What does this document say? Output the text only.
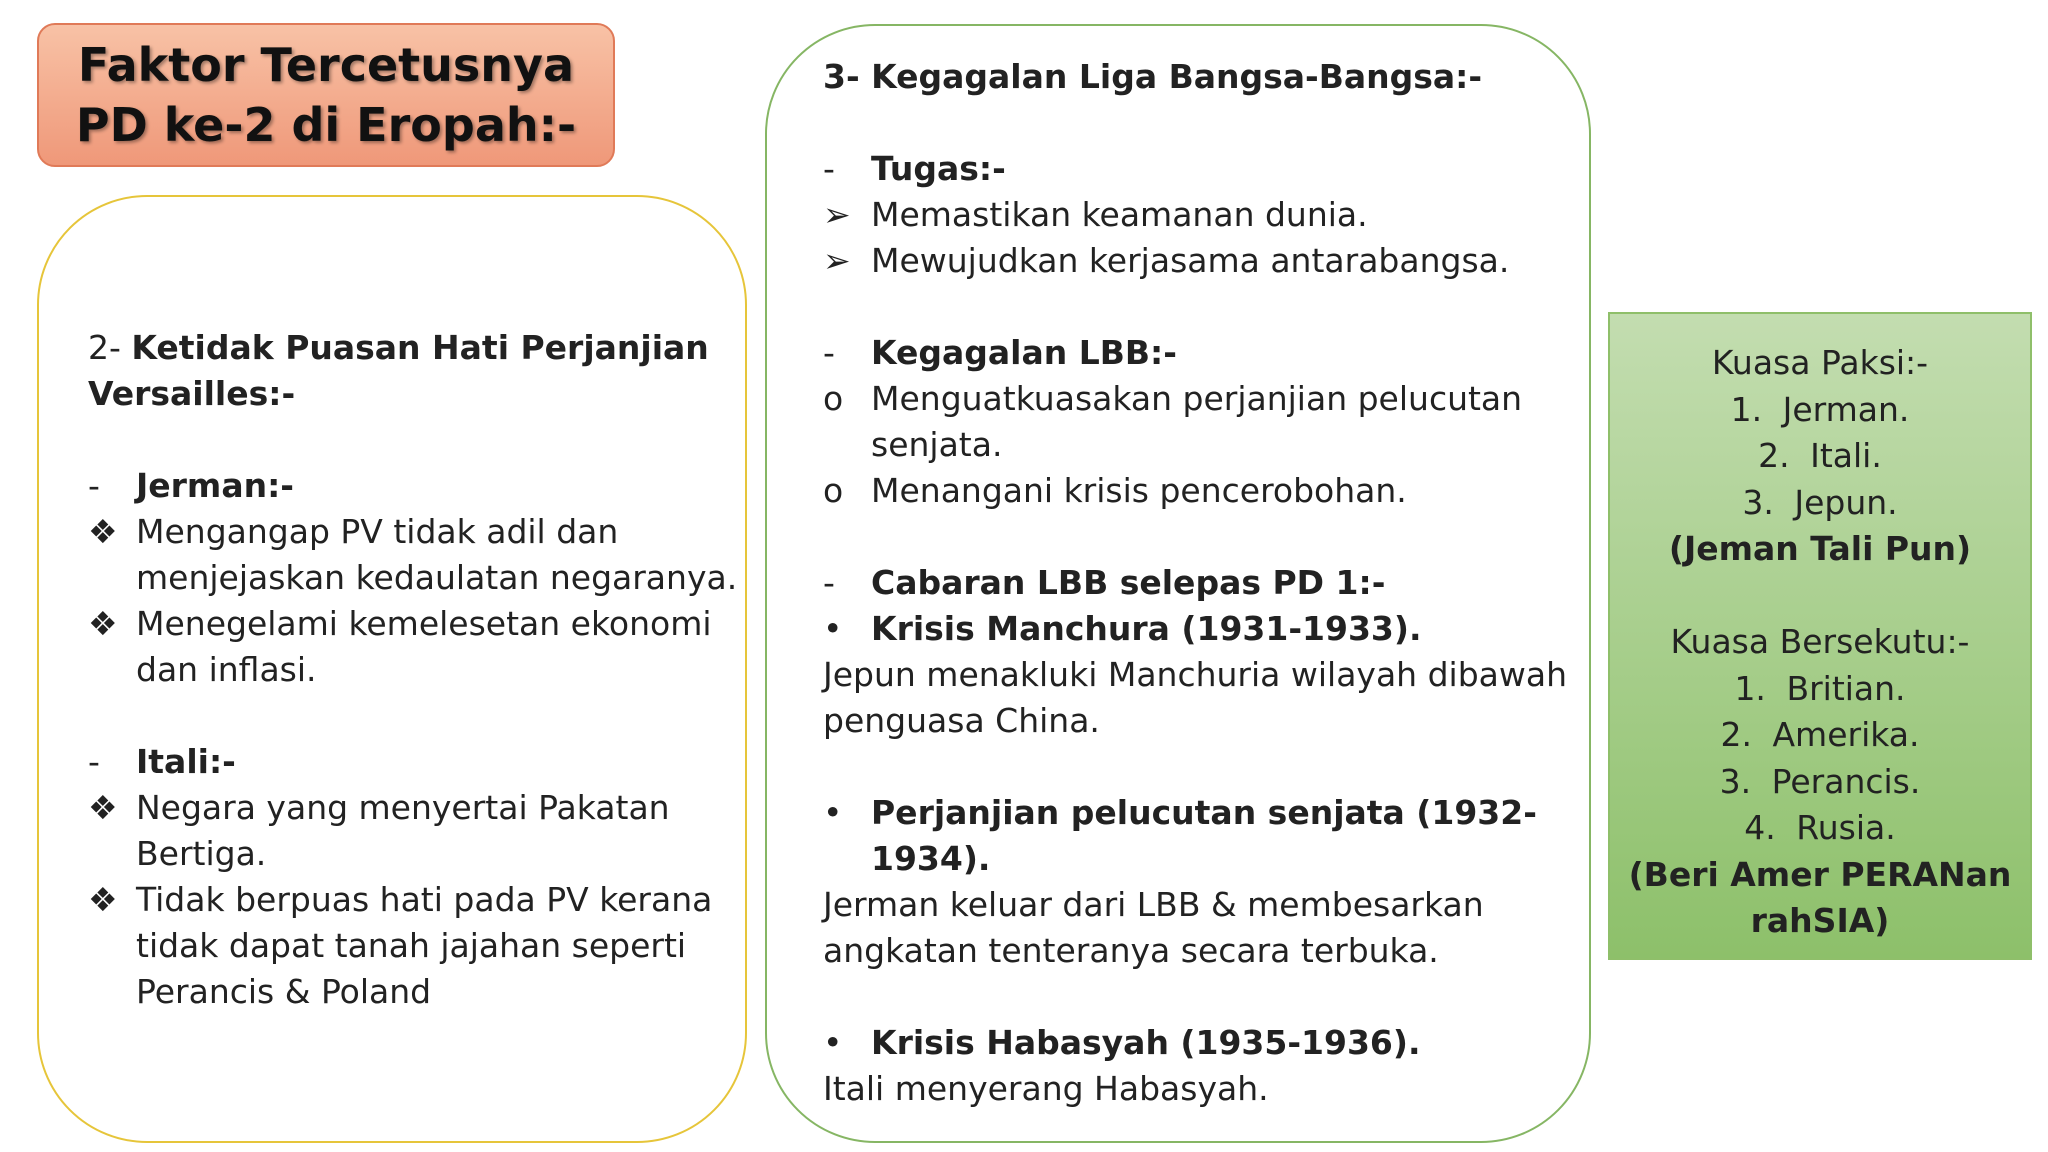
Faktor Tercetusnya
PD ke-2 di Eropah:-
2- Ketidak Puasan Hati Perjanjian
Versailles:-
-	Jerman:-
❖ Mengangap PV tidak adil dan
menjejaskan kedaulatan negaranya.
❖ Menegelami kemelesetan ekonomi
dan inflasi.
-	Itali:-
❖ Negara yang menyertai Pakatan
Bertiga.
❖ Tidak berpuas hati pada PV kerana
tidak dapat tanah jajahan seperti
Perancis & Poland
3- Kegagalan Liga Bangsa-Bangsa:-
-	Tugas:-
➢ Memastikan keamanan dunia.
➢ Mewujudkan kerjasama antarabangsa.
-	Kegagalan LBB:-
o Menguatkuasakan perjanjian pelucutan
senjata.
o Menangani krisis pencerobohan.
-	Cabaran LBB selepas PD 1:-
• Krisis Manchura (1931-1933).
Jepun menakluki Manchuria wilayah dibawah
penguasa China.
• Perjanjian pelucutan senjata (1932-
1934).
Jerman keluar dari LBB & membesarkan
angkatan tenteranya secara terbuka.
• Krisis Habasyah (1935-1936).
Itali menyerang Habasyah.
Kuasa Paksi:-
1. Jerman.
2. Itali.
3. Jepun.
(Jeman Tali Pun)
Kuasa Bersekutu:-
1. Britian.
2. Amerika.
3. Perancis.
4. Rusia.
(Beri Amer PERANan
rahSIA)
